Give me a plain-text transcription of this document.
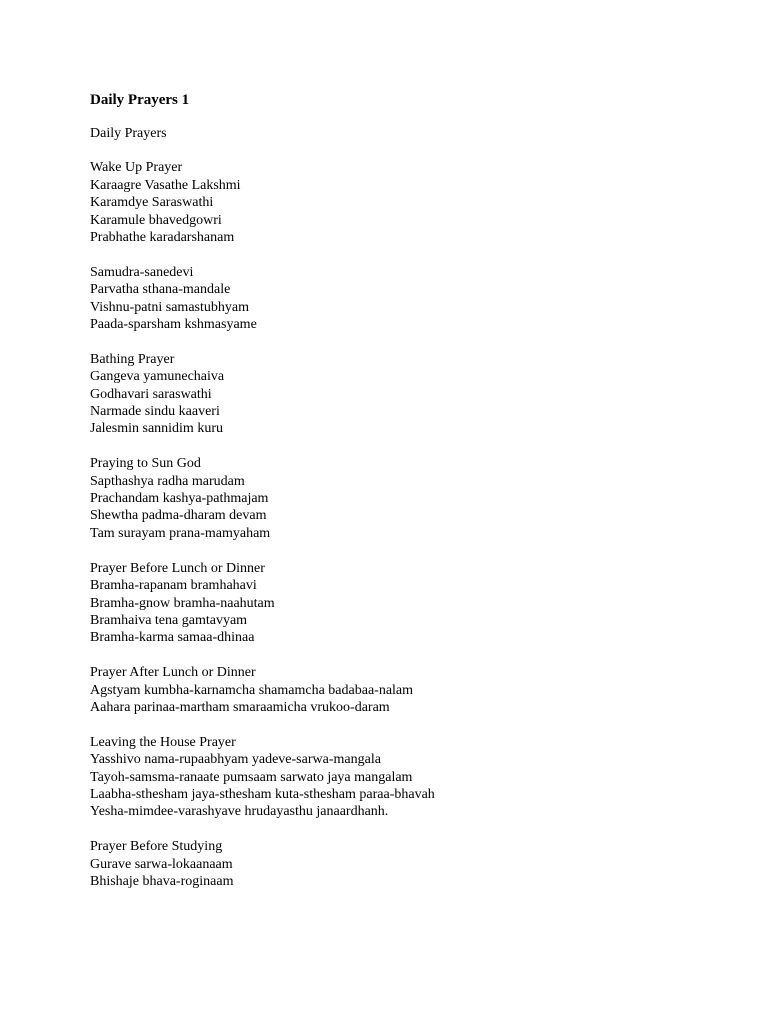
Daily Prayers 1
Daily Prayers
Wake Up Prayer
Karaagre Vasathe Lakshmi
Karamdye Saraswathi
Karamule bhavedgowri
Prabhathe karadarshanam
Samudra-sanedevi
Parvatha sthana-mandale
Vishnu-patni samastubhyam
Paada-sparsham kshmasyame
Bathing Prayer
Gangeva yamunechaiva
Godhavari saraswathi
Narmade sindu kaaveri
Jalesmin sannidim kuru
Praying to Sun God
Sapthashya radha marudam
Prachandam kashya-pathmajam
Shewtha padma-dharam devam
Tam surayam prana-mamyaham
Prayer Before Lunch or Dinner
Bramha-rapanam bramhahavi
Bramha-gnow bramha-naahutam
Bramhaiva tena gamtavyam
Bramha-karma samaa-dhinaa
Prayer After Lunch or Dinner
Agstyam kumbha-karnamcha shamamcha badabaa-nalam
Aahara parinaa-martham smaraamicha vrukoo-daram
Leaving the House Prayer
Yasshivo nama-rupaabhyam yadeve-sarwa-mangala
Tayoh-samsma-ranaate pumsaam sarwato jaya mangalam
Laabha-sthesham jaya-sthesham kuta-sthesham paraa-bhavah
Yesha-mimdee-varashyave hrudayasthu janaardhanh.
Prayer Before Studying
Gurave sarwa-lokaanaam
Bhishaje bhava-roginaam
